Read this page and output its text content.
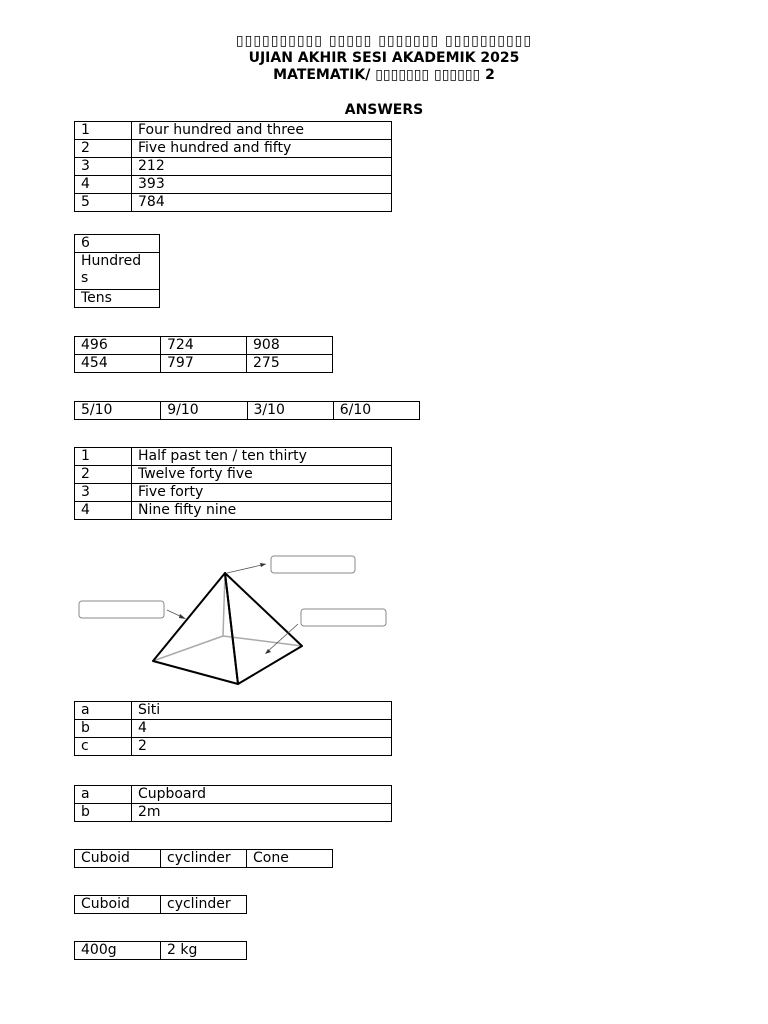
▯▯▯▯▯▯▯▯▯▯ ▯▯▯▯▯ ▯▯▯▯▯▯▯ ▯▯▯▯▯▯▯▯▯▯
UJIAN AKHIR SESI AKADEMIK 2025
MATEMATIK/ ▯▯▯▯▯▯▯ ▯▯▯▯▯▯ 2
ANSWERS
1	Four hundred and three
2	Five hundred and fifty
3	212
4	393
5	784
6
Hundred
s
Tens
496	724	908
454	797	275
5/10	9/10	3/10	6/10
1	Half past ten / ten thirty
2	Twelve forty five
3	Five forty
4	Nine fifty nine
a	Siti
b	4
c	2
a	Cupboard
b	2m
Cuboid	cyclinder	Cone
Cuboid	cyclinder
400g	2 kg
